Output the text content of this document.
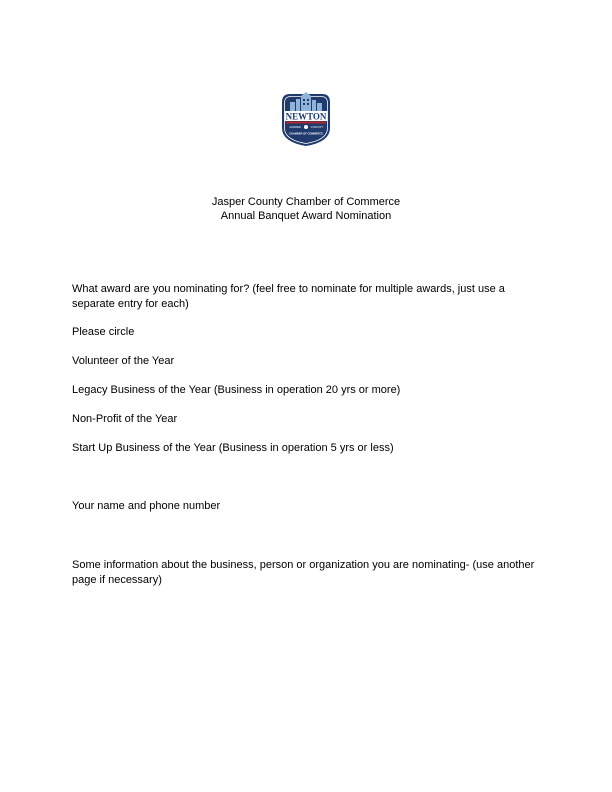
NEWTON
JASPER	COUNTY
CHAMBER OF COMMERCE
Jasper County Chamber of Commerce
Annual Banquet Award Nomination
What award are you nominating for? (feel free to nominate for multiple awards, just use a separate entry for each)
Please circle
Volunteer of the Year
Legacy Business of the Year (Business in operation 20 yrs or more)
Non-Profit of the Year
Start Up Business of the Year (Business in operation 5 yrs or less)
Your name and phone number
Some information about the business, person or organization you are nominating- (use another page if necessary)
